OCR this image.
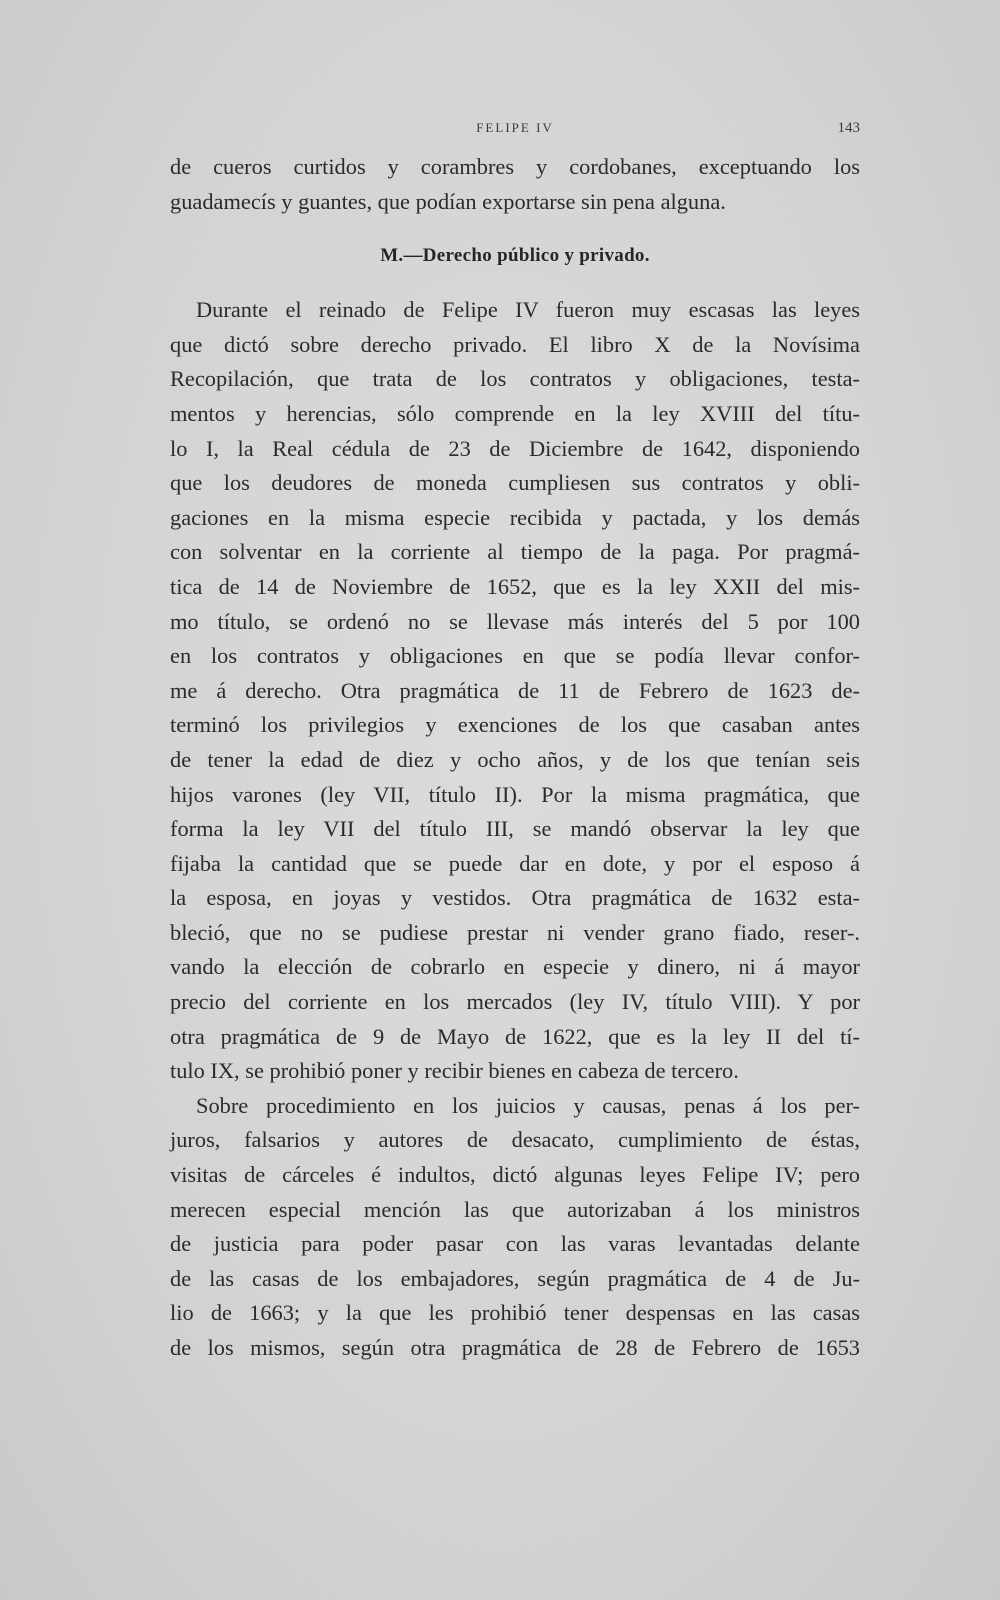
FELIPE IV	143
de cueros curtidos y corambres y cordobanes, exceptuando los
guadamecís y guantes, que podían exportarse sin pena alguna.
M.—Derecho público y privado.
Durante el reinado de Felipe IV fueron muy escasas las leyes
que dictó sobre derecho privado. El libro X de la Novísima
Recopilación, que trata de los contratos y obligaciones, testa-
mentos y herencias, sólo comprende en la ley XVIII del títu-
lo I, la Real cédula de 23 de Diciembre de 1642, disponiendo
que los deudores de moneda cumpliesen sus contratos y obli-
gaciones en la misma especie recibida y pactada, y los demás
con solventar en la corriente al tiempo de la paga. Por pragmá-
tica de 14 de Noviembre de 1652, que es la ley XXII del mis-
mo título, se ordenó no se llevase más interés del 5 por 100
en los contratos y obligaciones en que se podía llevar confor-
me á derecho. Otra pragmática de 11 de Febrero de 1623 de-
terminó los privilegios y exenciones de los que casaban antes
de tener la edad de diez y ocho años, y de los que tenían seis
hijos varones (ley VII, título II). Por la misma pragmática, que
forma la ley VII del título III, se mandó observar la ley que
fijaba la cantidad que se puede dar en dote, y por el esposo á
la esposa, en joyas y vestidos. Otra pragmática de 1632 esta-
bleció, que no se pudiese prestar ni vender grano fiado, reser-.
vando la elección de cobrarlo en especie y dinero, ni á mayor
precio del corriente en los mercados (ley IV, título VIII). Y por
otra pragmática de 9 de Mayo de 1622, que es la ley II del tí-
tulo IX, se prohibió poner y recibir bienes en cabeza de tercero.
Sobre procedimiento en los juicios y causas, penas á los per-
juros, falsarios y autores de desacato, cumplimiento de éstas,
visitas de cárceles é indultos, dictó algunas leyes Felipe IV; pero
merecen especial mención las que autorizaban á los ministros
de justicia para poder pasar con las varas levantadas delante
de las casas de los embajadores, según pragmática de 4 de Ju-
lio de 1663; y la que les prohibió tener despensas en las casas
de los mismos, según otra pragmática de 28 de Febrero de 1653
